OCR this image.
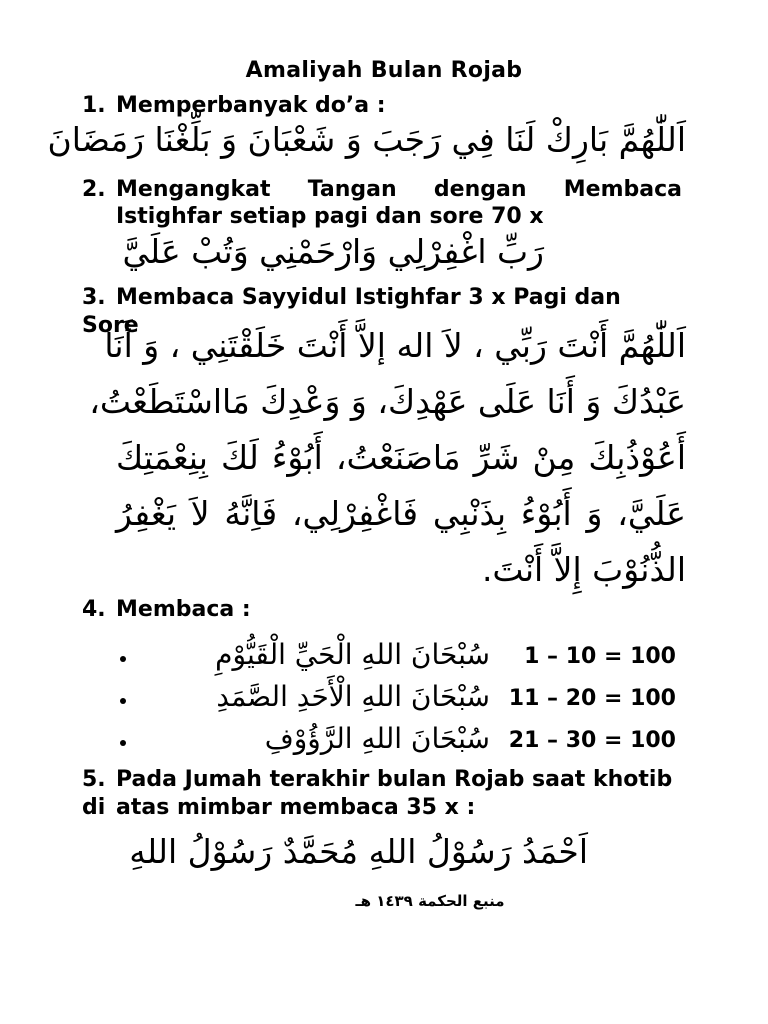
Amaliyah Bulan Rojab
1. Memperbanyak do’a :
اَللّٰهُمَّ بَارِكْ لَنَا فِي رَجَبَ وَ شَعْبَانَ وَ بَلِّغْنَا رَمَضَانَ
2. Mengangkat Tangan dengan Membaca
Istighfar setiap pagi dan sore 70 x
رَبِّ اغْفِرْلِي وَارْحَمْنِي وَتُبْ عَلَيَّ
3. Membaca Sayyidul Istighfar 3 x Pagi dan Sore
اَللّٰهُمَّ أَنْتَ رَبِّي ، لاَ اله إلاَّ أَنْتَ خَلَقْتَنِي ، وَ أَنَا
عَبْدُكَ وَ أَنَا عَلَى عَهْدِكَ، وَ وَعْدِكَ مَااسْتَطَعْتُ،
أَعُوْذُبِكَ مِنْ شَرِّ مَاصَنَعْتُ، أَبُوْءُ لَكَ بِنِعْمَتِكَ
عَلَيَّ، وَ أَبُوْءُ بِذَنْبِي فَاغْفِرْلِي، فَاِنَّهُ لاَ يَغْفِرُ
الذُّنُوْبَ إِلاَّ أَنْتَ.
4. Membaca :
سُبْحَانَ اللهِ الْحَيِّ الْقَيُّوْمِ 1 – 10 = 100
سُبْحَانَ اللهِ الْأَحَدِ الصَّمَدِ 11 – 20 = 100
سُبْحَانَ اللهِ الرَّؤُوْفِ 21 – 30 = 100
5. Pada Jumah terakhir bulan Rojab saat khotib di atas mimbar membaca 35 x :
اَحْمَدُ رَسُوْلُ اللهِ مُحَمَّدٌ رَسُوْلُ اللهِ
منبع الحكمة ١٤٣٩ هـ
